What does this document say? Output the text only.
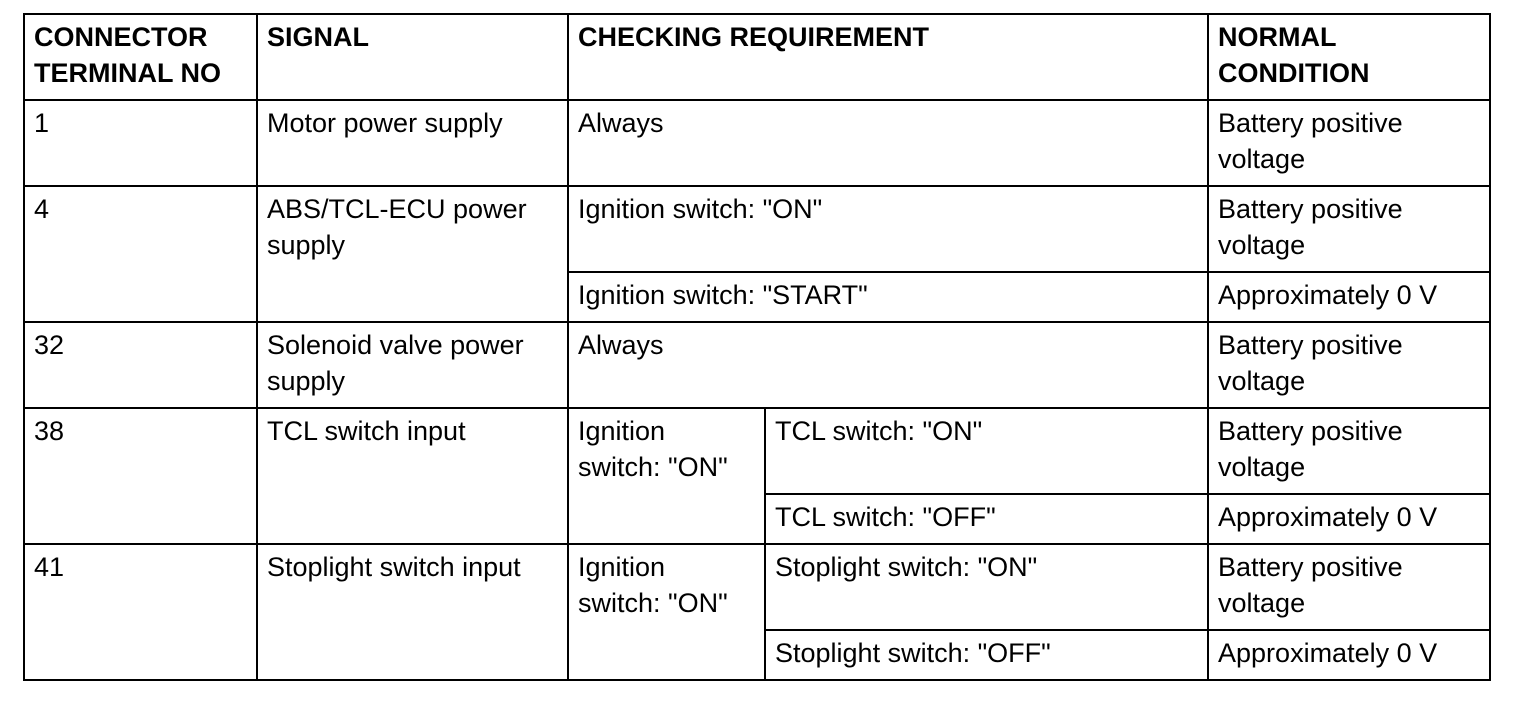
CONNECTOR
TERMINAL NO	SIGNAL	CHECKING REQUIREMENT		NORMAL
CONDITION

1	Motor power supply	Always		Battery positive
voltage

4	ABS/TCL-ECU power
supply	Ignition switch: "ON"		Battery positive
voltage

		Ignition switch: "START"		Approximately 0 V
32	Solenoid valve power
supply	Always		Battery positive
voltage

38	TCL switch input	Ignition
switch: "ON"	TCL switch: "ON"	Battery positive
voltage

			TCL switch: "OFF"	Approximately 0 V
41	Stoplight switch input	Ignition
switch: "ON"	Stoplight switch: "ON"	Battery positive
voltage

			Stoplight switch: "OFF"	Approximately 0 V
